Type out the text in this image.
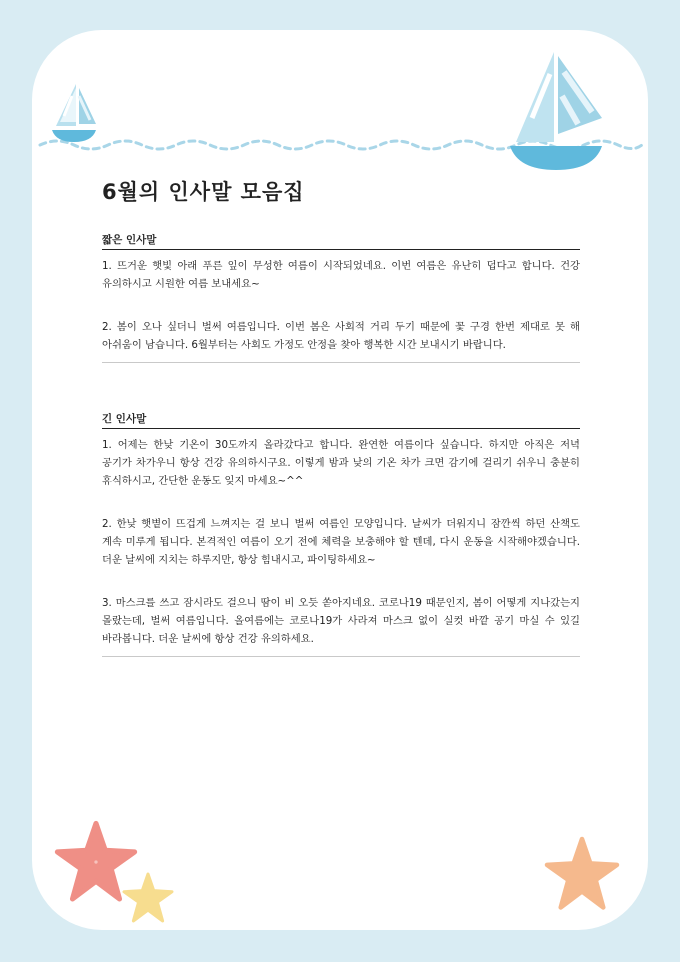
6월의 인사말 모음집
짧은 인사말

1. 뜨거운 햇빛 아래 푸른 잎이 무성한 여름이 시작되었네요. 이번 여름은 유난히 덥다고 합니다. 건강 유의하시고 시원한 여름 보내세요~

2. 봄이 오나 싶더니 벌써 여름입니다. 이번 봄은 사회적 거리 두기 때문에 꽃 구경 한번 제대로 못 해 아쉬움이 남습니다. 6월부터는 사회도 가정도 안정을 찾아 행복한 시간 보내시기 바랍니다.

긴 인사말

1. 어제는 한낮 기온이 30도까지 올라갔다고 합니다. 완연한 여름이다 싶습니다. 하지만 아직은 저녁 공기가 차가우니 항상 건강 유의하시구요. 이렇게 밤과 낮의 기온 차가 크면 감기에 걸리기 쉬우니 충분히 휴식하시고, 간단한 운동도 잊지 마세요~^^

2. 한낮 햇볕이 뜨겁게 느껴지는 걸 보니 벌써 여름인 모양입니다. 날씨가 더워지니 잠깐씩 하던 산책도 계속 미루게 됩니다. 본격적인 여름이 오기 전에 체력을 보충해야 할 텐데, 다시 운동을 시작해야겠습니다. 더운 날씨에 지치는 하루지만, 항상 힘내시고, 파이팅하세요~

3. 마스크를 쓰고 잠시라도 걸으니 땀이 비 오듯 쏟아지네요. 코로나19 때문인지, 봄이 어떻게 지나갔는지 몰랐는데, 벌써 여름입니다. 올여름에는 코로나19가 사라져 마스크 없이 실컷 바깥 공기 마실 수 있길 바라봅니다. 더운 날씨에 항상 건강 유의하세요.
